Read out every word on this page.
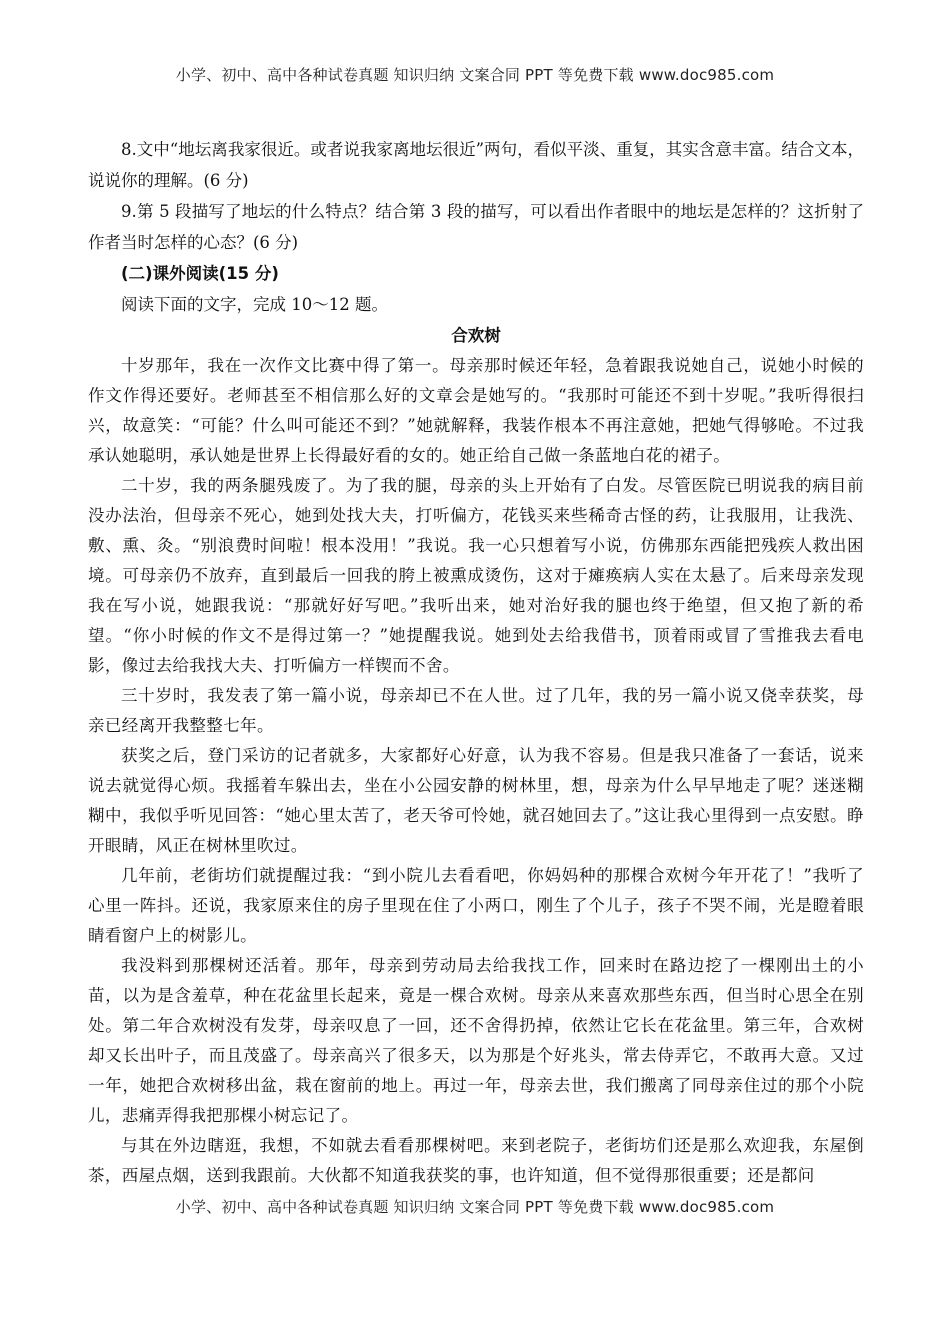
小学、初中、高中各种试卷真题 知识归纳 文案合同 PPT 等免费下载 www.doc985.com

8.文中“地坛离我家很近。或者说我家离地坛很近”两句，看似平淡、重复，其实含意丰富。结合文本，说说你的理解。(6 分)

9.第 5 段描写了地坛的什么特点？结合第 3 段的描写，可以看出作者眼中的地坛是怎样的？这折射了作者当时怎样的心态？(6 分)

(二)课外阅读(15 分)

阅读下面的文字，完成 10～12 题。

合欢树

十岁那年，我在一次作文比赛中得了第一。母亲那时候还年轻，急着跟我说她自己，说她小时候的作文作得还要好。老师甚至不相信那么好的文章会是她写的。“我那时可能还不到十岁呢。”我听得很扫兴，故意笑：“可能？什么叫可能还不到？”她就解释，我装作根本不再注意她，把她气得够呛。不过我承认她聪明，承认她是世界上长得最好看的女的。她正给自己做一条蓝地白花的裙子。

二十岁，我的两条腿残废了。为了我的腿，母亲的头上开始有了白发。尽管医院已明说我的病目前没办法治，但母亲不死心，她到处找大夫，打听偏方，花钱买来些稀奇古怪的药，让我服用，让我洗、敷、熏、灸。“别浪费时间啦！根本没用！”我说。我一心只想着写小说，仿佛那东西能把残疾人救出困境。可母亲仍不放弃，直到最后一回我的胯上被熏成烫伤，这对于瘫痪病人实在太悬了。后来母亲发现我在写小说，她跟我说：“那就好好写吧。”我听出来，她对治好我的腿也终于绝望，但又抱了新的希望。“你小时候的作文不是得过第一？”她提醒我说。她到处去给我借书，顶着雨或冒了雪推我去看电影，像过去给我找大夫、打听偏方一样锲而不舍。

三十岁时，我发表了第一篇小说，母亲却已不在人世。过了几年，我的另一篇小说又侥幸获奖，母亲已经离开我整整七年。

获奖之后，登门采访的记者就多，大家都好心好意，认为我不容易。但是我只准备了一套话，说来说去就觉得心烦。我摇着车躲出去，坐在小公园安静的树林里，想，母亲为什么早早地走了呢？迷迷糊糊中，我似乎听见回答：“她心里太苦了，老天爷可怜她，就召她回去了。”这让我心里得到一点安慰。睁开眼睛，风正在树林里吹过。

几年前，老街坊们就提醒过我：“到小院儿去看看吧，你妈妈种的那棵合欢树今年开花了！”我听了心里一阵抖。还说，我家原来住的房子里现在住了小两口，刚生了个儿子，孩子不哭不闹，光是瞪着眼睛看窗户上的树影儿。

我没料到那棵树还活着。那年，母亲到劳动局去给我找工作，回来时在路边挖了一棵刚出土的小苗，以为是含羞草，种在花盆里长起来，竟是一棵合欢树。母亲从来喜欢那些东西，但当时心思全在别处。第二年合欢树没有发芽，母亲叹息了一回，还不舍得扔掉，依然让它长在花盆里。第三年，合欢树却又长出叶子，而且茂盛了。母亲高兴了很多天，以为那是个好兆头，常去侍弄它，不敢再大意。又过一年，她把合欢树移出盆，栽在窗前的地上。再过一年，母亲去世，我们搬离了同母亲住过的那个小院儿，悲痛弄得我把那棵小树忘记了。

与其在外边瞎逛，我想，不如就去看看那棵树吧。来到老院子，老街坊们还是那么欢迎我，东屋倒茶，西屋点烟，送到我跟前。大伙都不知道我获奖的事，也许知道，但不觉得那很重要；还是都问

小学、初中、高中各种试卷真题 知识归纳 文案合同 PPT 等免费下载 www.doc985.com
